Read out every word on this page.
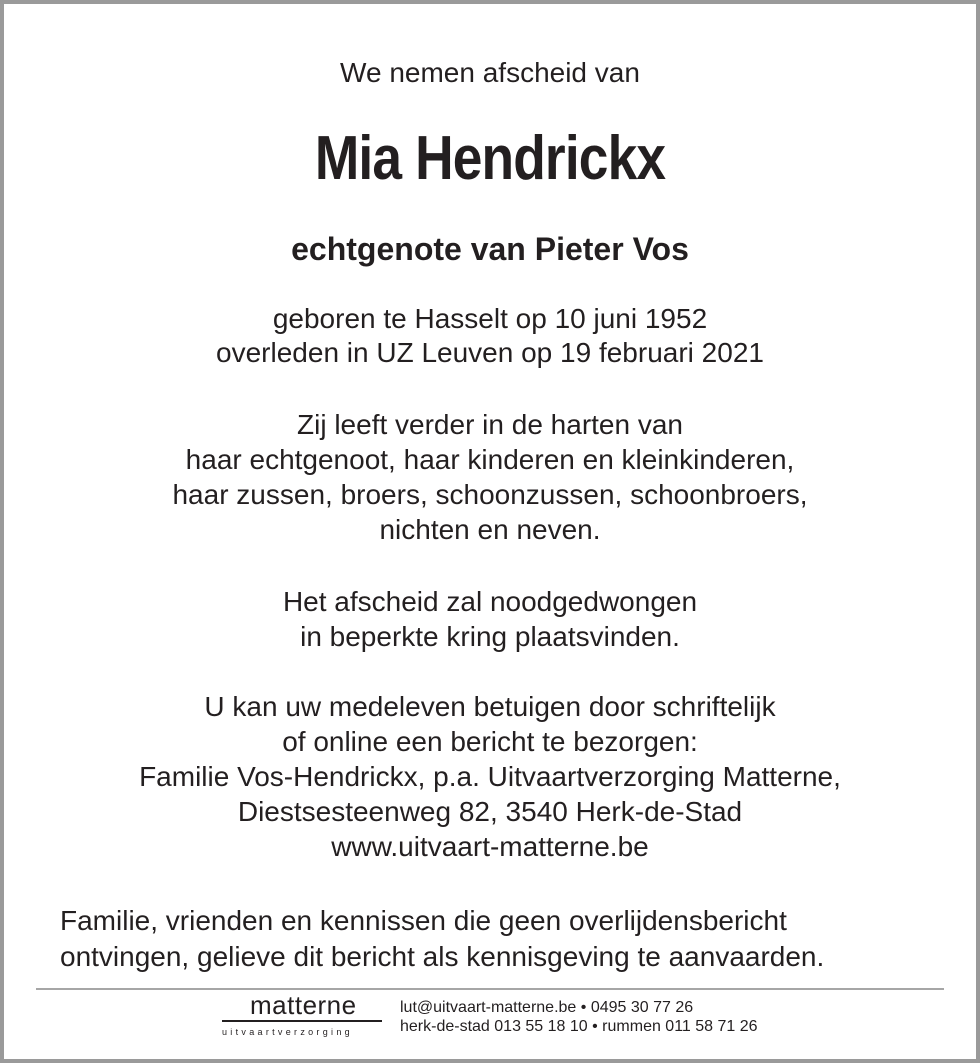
We nemen afscheid van
Mia Hendrickx
echtgenote van Pieter Vos
geboren te Hasselt op 10 juni 1952
overleden in UZ Leuven op 19 februari 2021
Zij leeft verder in de harten van
haar echtgenoot, haar kinderen en kleinkinderen,
haar zussen, broers, schoonzussen, schoonbroers,
nichten en neven.
Het afscheid zal noodgedwongen
in beperkte kring plaatsvinden.
U kan uw medeleven betuigen door schriftelijk
of online een bericht te bezorgen:
Familie Vos-Hendrickx, p.a. Uitvaartverzorging Matterne,
Diestsesteenweg 82, 3540 Herk-de-Stad
www.uitvaart-matterne.be
Familie, vrienden en kennissen die geen overlijdensbericht
ontvingen, gelieve dit bericht als kennisgeving te aanvaarden.
matterne
uitvaartverzorging
lut@uitvaart-matterne.be • 0495 30 77 26
herk-de-stad 013 55 18 10 • rummen 011 58 71 26
